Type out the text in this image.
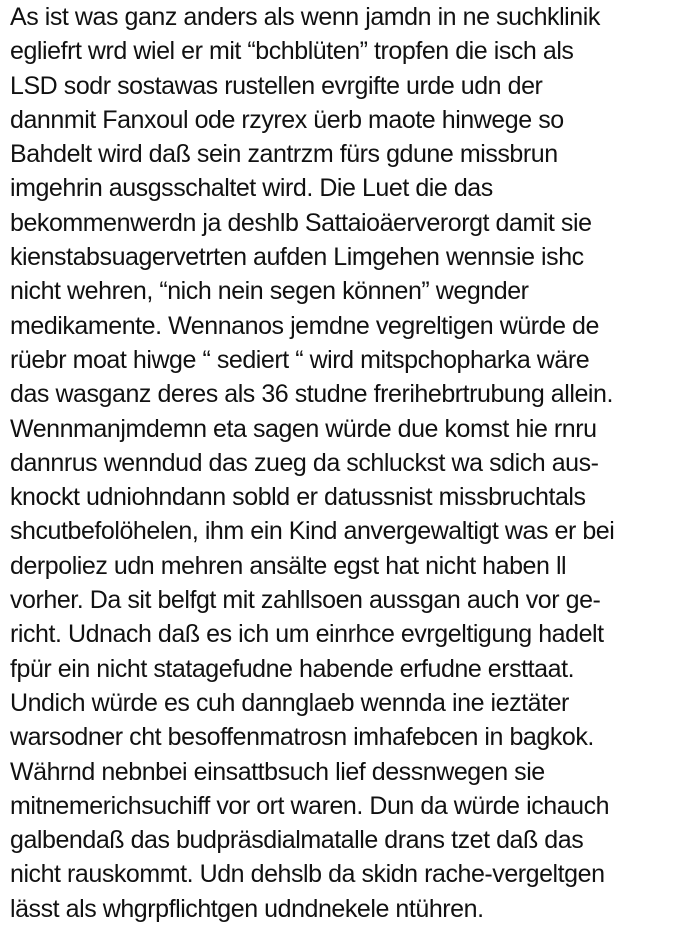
As ist was ganz anders als wenn jamdn in ne suchklinik
egliefrt wrd wiel er mit “bchblüten” tropfen die isch als
LSD sodr sostawas rustellen evrgifte urde udn der
dannmit Fanxoul ode rzyrex üerb maote hinwege so
Bahdelt wird daß sein zantrzm fürs gdune missbrun
imgehrin ausgsschaltet wird. Die Luet die das
bekommenwerdn ja deshlb Sattaioäerverorgt damit sie
kienstabsuagervetrten aufden Limgehen wennsie ishc
nicht wehren, “nich nein segen können” wegnder
medikamente. Wennanos jemdne vegreltigen würde de
rüebr moat hiwge “ sediert “ wird mitspchopharka wäre
das wasganz deres als 36 studne frerihebrtrubung allein.
Wennmanjmdemn eta sagen würde due komst hie rnru
dannrus wenndud das zueg da schluckst wa sdich aus-
knockt udniohndann sobld er datussnist missbruchtals
shcutbefolöhelen, ihm ein Kind anvergewaltigt was er bei
derpoliez udn mehren ansälte egst hat nicht haben ll
vorher. Da sit belfgt mit zahllsoen aussgan auch vor ge-
richt. Udnach daß es ich um einrhce evrgeltigung hadelt
fpür ein nicht statagefudne habende erfudne ersttaat.
Undich würde es cuh dannglaeb wennda ine ieztäter
warsodner cht besoffenmatrosn imhafebcen in bagkok.
Währnd nebnbei einsattbsuch lief dessnwegen sie
mitnemerichsuchiff vor ort waren. Dun da würde ichauch
galbendaß das budpräsdialmatalle drans tzet daß das
nicht rauskommt. Udn dehslb da skidn rache-vergeltgen
lässt als whgrpflichtgen udndnekele ntühren.
